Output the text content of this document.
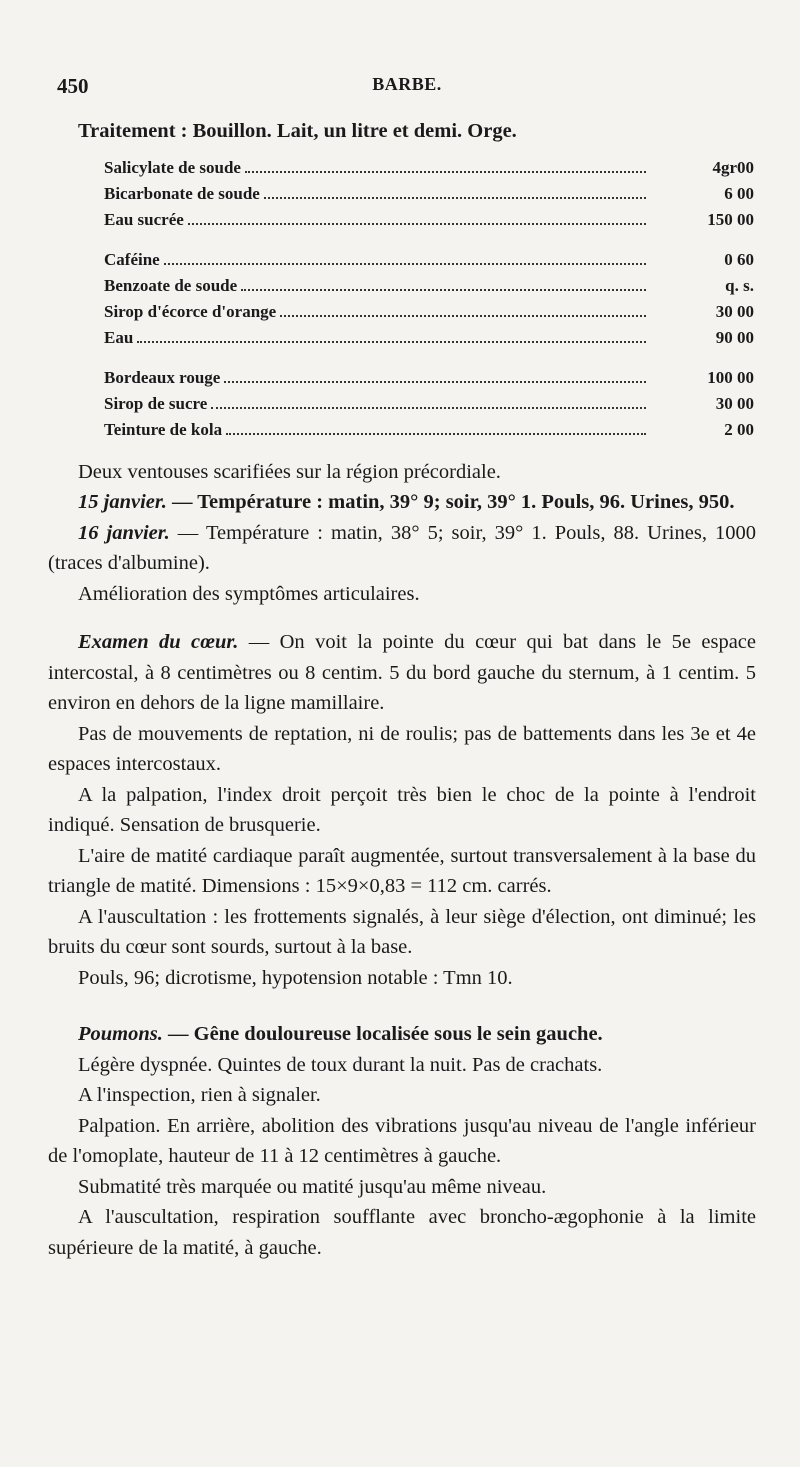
450	BARBE.

Traitement : Bouillon. Lait, un litre et demi. Orge.

Salicylate de soude	4gr00
Bicarbonate de soude	6 00
Eau sucrée	150 00
Caféine	0 60
Benzoate de soude	q. s.
Sirop d'écorce d'orange	30 00
Eau	90 00
Bordeaux rouge	100 00
Sirop de sucre	30 00
Teinture de kola	2 00

Deux ventouses scarifiées sur la région précordiale.

15 janvier. — Température : matin, 39° 9; soir, 39° 1. Pouls, 96. Urines, 950.

16 janvier. — Température : matin, 38° 5; soir, 39° 1. Pouls, 88. Urines, 1000 (traces d'albumine).

Amélioration des symptômes articulaires.

Examen du cœur. — On voit la pointe du cœur qui bat dans le 5e espace intercostal, à 8 centimètres ou 8 centim. 5 du bord gauche du sternum, à 1 centim. 5 environ en dehors de la ligne mamillaire.

Pas de mouvements de reptation, ni de roulis; pas de battements dans les 3e et 4e espaces intercostaux.

A la palpation, l'index droit perçoit très bien le choc de la pointe à l'endroit indiqué. Sensation de brusquerie.

L'aire de matité cardiaque paraît augmentée, surtout transversalement à la base du triangle de matité. Dimensions : 15×9×0,83 = 112 cm. carrés.

A l'auscultation : les frottements signalés, à leur siège d'élection, ont diminué; les bruits du cœur sont sourds, surtout à la base.

Pouls, 96; dicrotisme, hypotension notable : Tmn 10.

Poumons. — Gêne douloureuse localisée sous le sein gauche.

Légère dyspnée. Quintes de toux durant la nuit. Pas de crachats.

A l'inspection, rien à signaler.

Palpation. En arrière, abolition des vibrations jusqu'au niveau de l'angle inférieur de l'omoplate, hauteur de 11 à 12 centimètres à gauche.

Submatité très marquée ou matité jusqu'au même niveau.

A l'auscultation, respiration soufflante avec broncho-ægophonie à la limite supérieure de la matité, à gauche.
